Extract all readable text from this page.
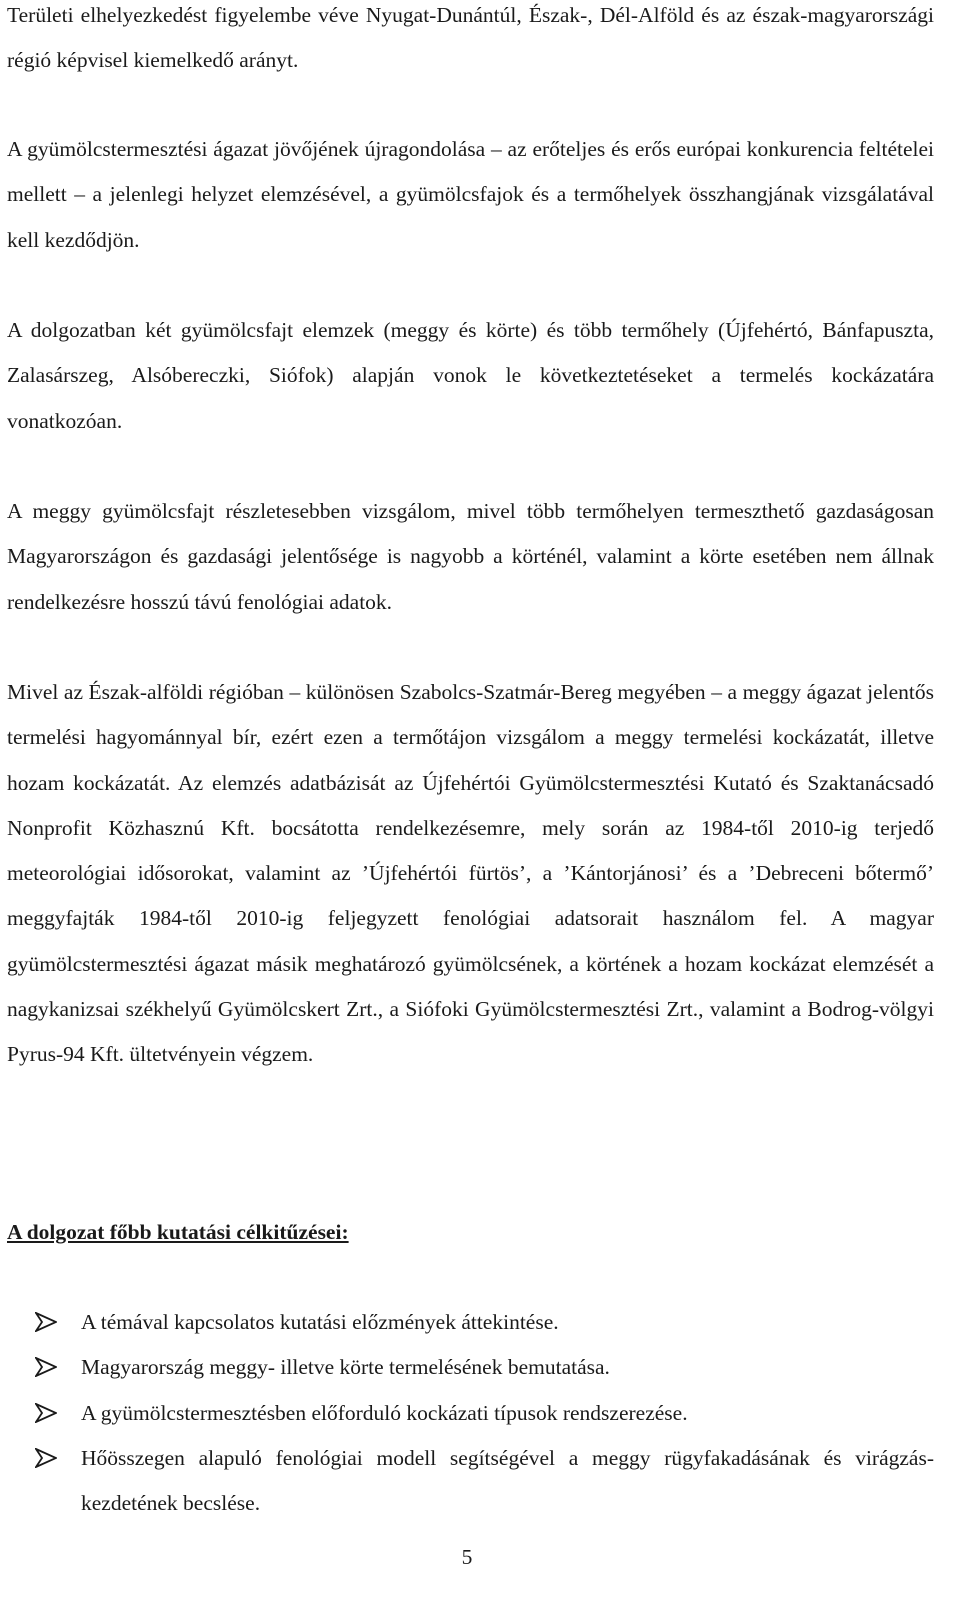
Területi elhelyezkedést figyelembe véve Nyugat-Dunántúl, Észak-, Dél-Alföld és az észak-magyarországi régió képvisel kiemelkedő arányt.

A gyümölcstermesztési ágazat jövőjének újragondolása – az erőteljes és erős európai konkurencia feltételei mellett – a jelenlegi helyzet elemzésével, a gyümölcsfajok és a termőhelyek összhangjának vizsgálatával kell kezdődjön.

A dolgozatban két gyümölcsfajt elemzek (meggy és körte) és több termőhely (Újfehértó, Bánfapuszta, Zalasárszeg, Alsóbereczki, Siófok) alapján vonok le következtetéseket a termelés kockázatára vonatkozóan.

A meggy gyümölcsfajt részletesebben vizsgálom, mivel több termőhelyen termeszthető gazdaságosan Magyarországon és gazdasági jelentősége is nagyobb a körténél, valamint a körte esetében nem állnak rendelkezésre hosszú távú fenológiai adatok.

Mivel az Észak-alföldi régióban – különösen Szabolcs-Szatmár-Bereg megyében – a meggy ágazat jelentős termelési hagyománnyal bír, ezért ezen a termőtájon vizsgálom a meggy termelési kockázatát, illetve hozam kockázatát. Az elemzés adatbázisát az Újfehértói Gyümölcstermesztési Kutató és Szaktanácsadó Nonprofit Közhasznú Kft. bocsátotta rendelkezésemre, mely során az 1984-től 2010-ig terjedő meteorológiai idősorokat, valamint az ’Újfehértói fürtös’, a ’Kántorjánosi’ és a ’Debreceni bőtermő’ meggyfajták 1984-től 2010-ig feljegyzett fenológiai adatsorait használom fel. A magyar gyümölcstermesztési ágazat másik meghatározó gyümölcsének, a körtének a hozam kockázat elemzését a nagykanizsai székhelyű Gyümölcskert Zrt., a Siófoki Gyümölcstermesztési Zrt., valamint a Bodrog-völgyi Pyrus-94 Kft. ültetvényein végzem.

A dolgozat főbb kutatási célkitűzései:

A témával kapcsolatos kutatási előzmények áttekintése.
Magyarország meggy- illetve körte termelésének bemutatása.
A gyümölcstermesztésben előforduló kockázati típusok rendszerezése.
Hőösszegen alapuló fenológiai modell segítségével a meggy rügyfakadásának és virágzás-kezdetének becslése.
5
